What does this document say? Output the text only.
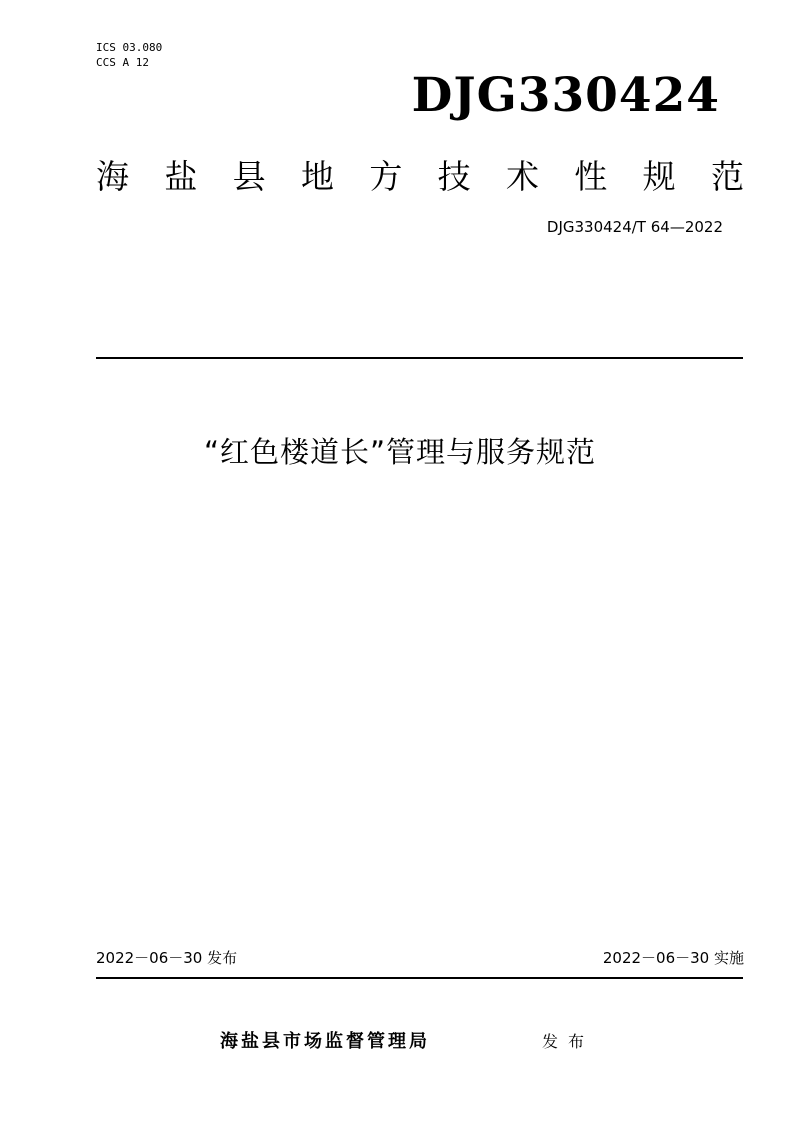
ICS 03.080
CCS A 12
DJG330424
海 盐 县 地 方 技 术 性 规 范
DJG330424/T 64—2022
“红色楼道长”管理与服务规范
2022－06－30 发布	2022－06－30 实施
海盐县市场监督管理局	发布
